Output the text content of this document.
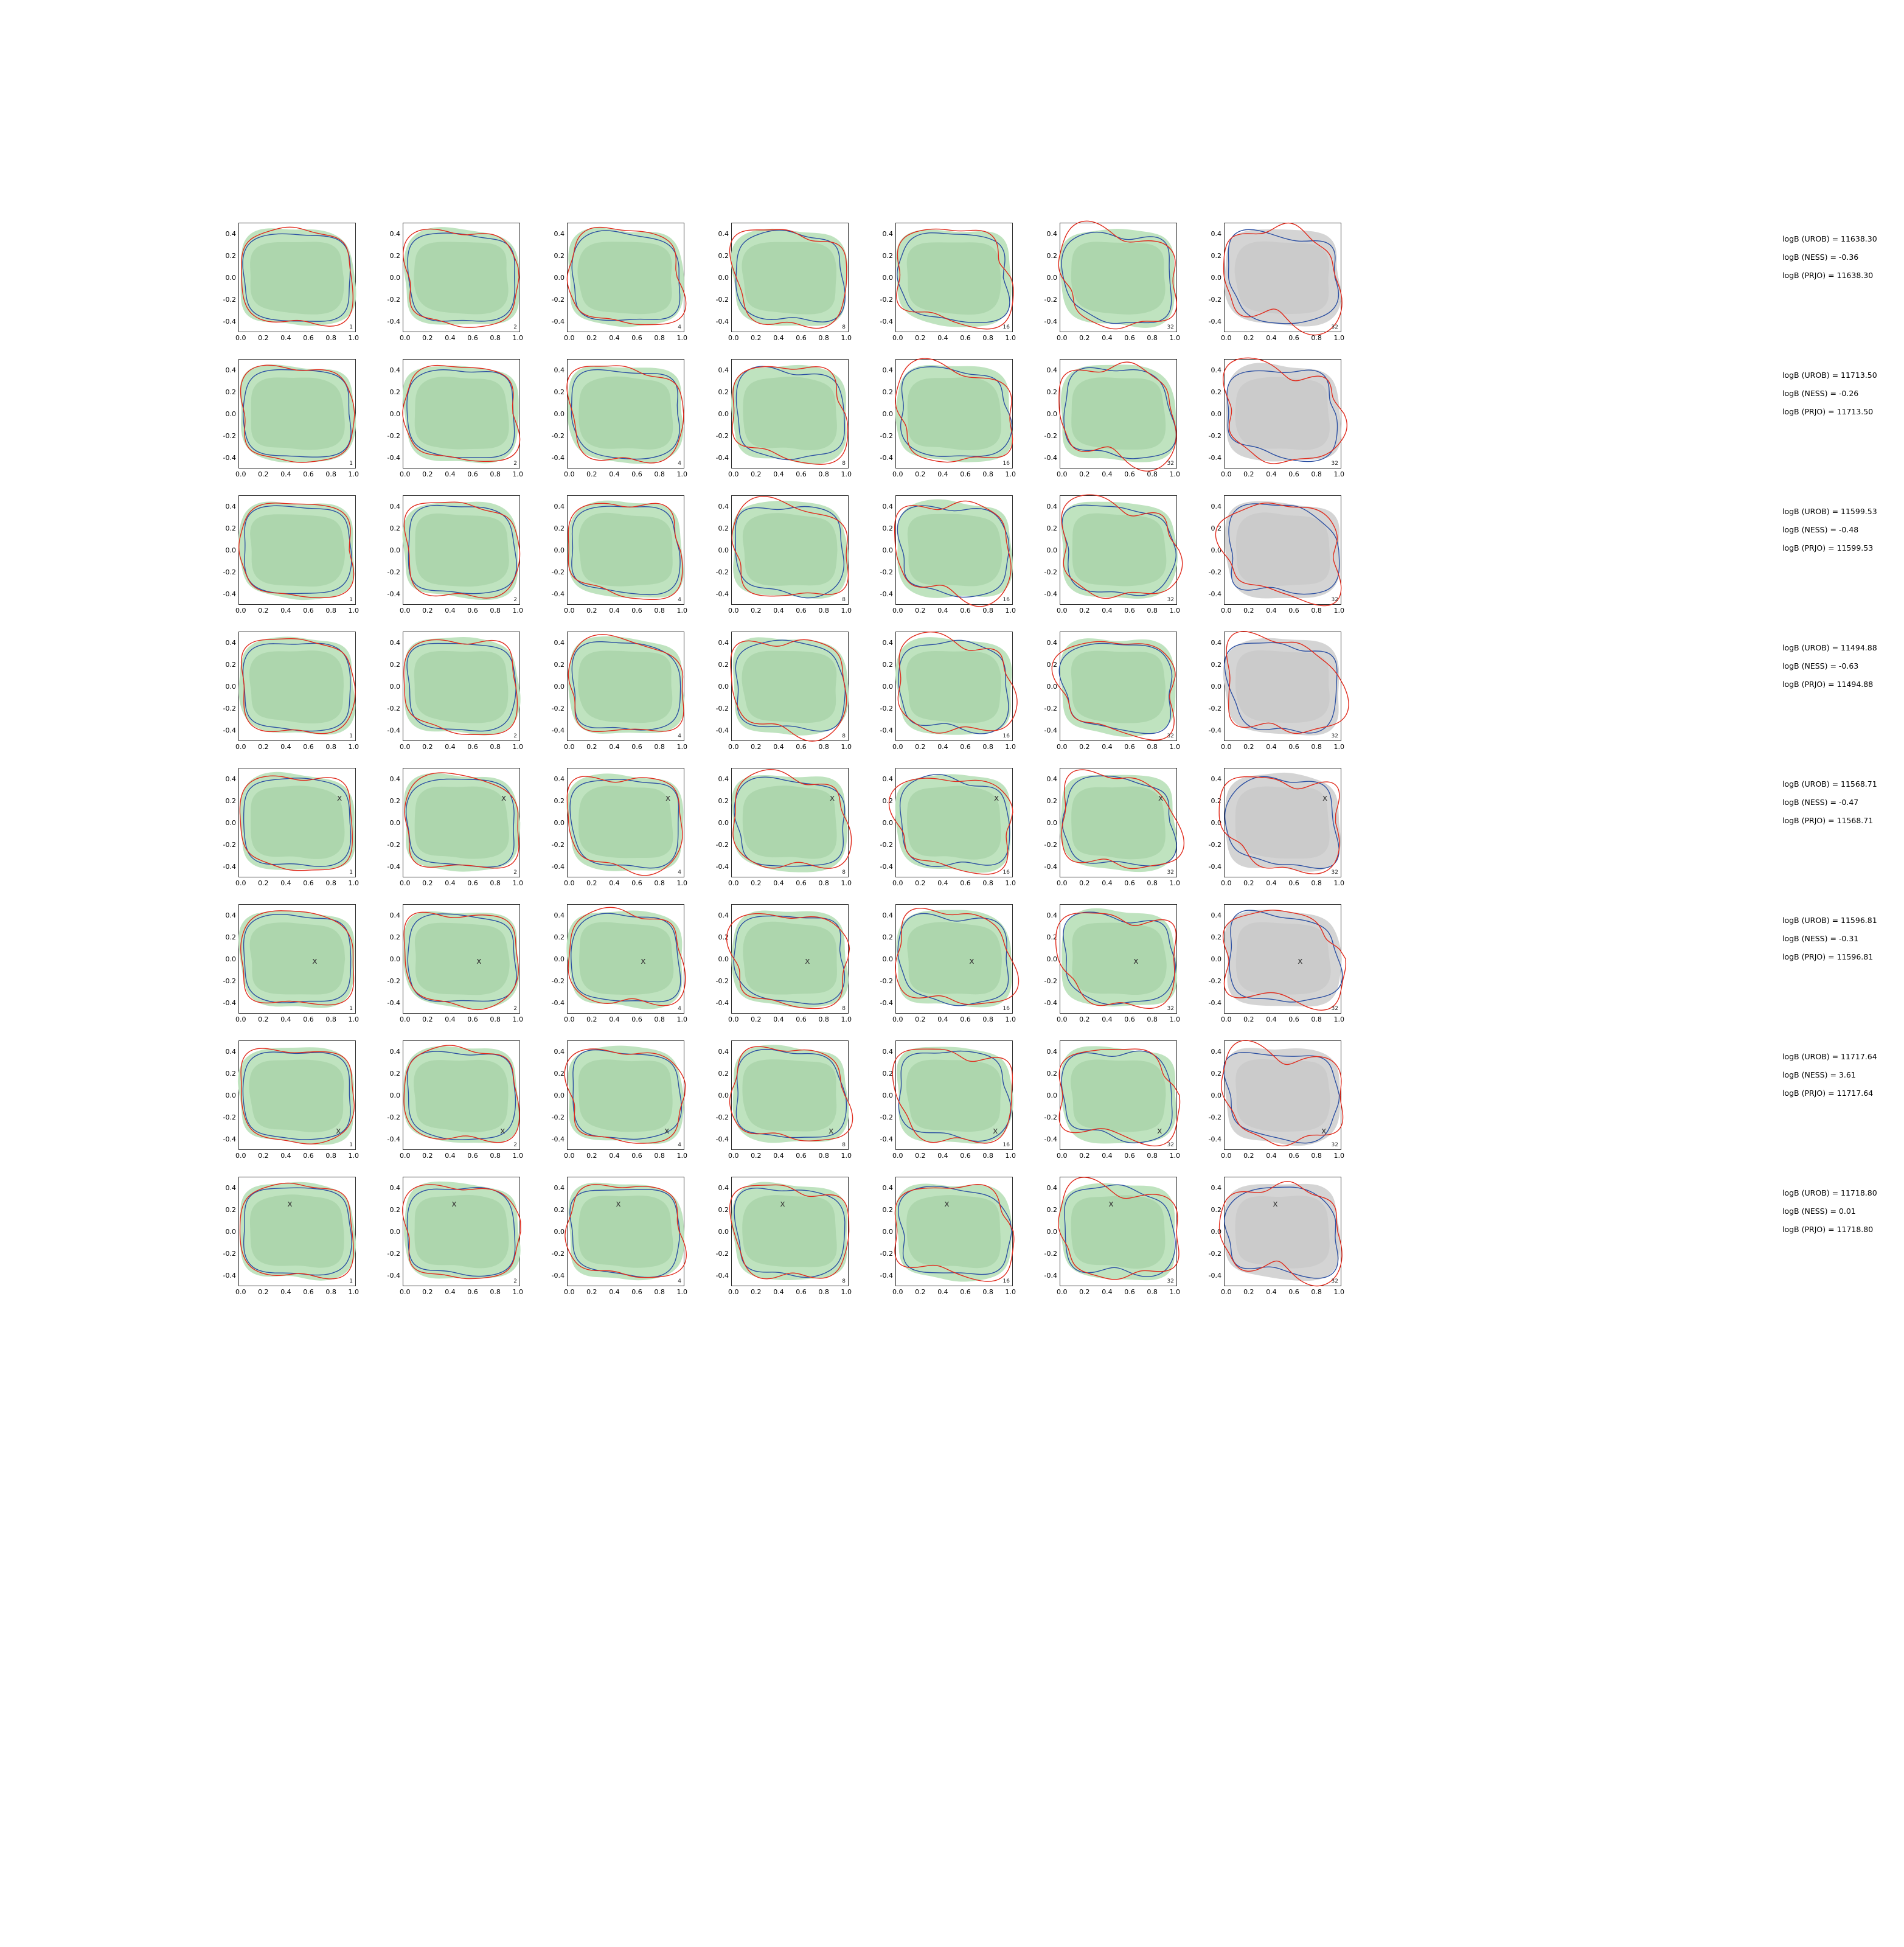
0.4
0.2
0.0
-0.2
-0.4
1
0.0 0.2 0.4 0.6 0.8 1.0
0.4
0.2
0.0
-0.2
-0.4
2
0.0 0.2 0.4 0.6 0.8 1.0
0.4
0.2
0.0
-0.2
-0.4
4
0.0 0.2 0.4 0.6 0.8 1.0
0.4
0.2
0.0
-0.2
-0.4
8
0.0 0.2 0.4 0.6 0.8 1.0
0.4
0.2
0.0
-0.2
-0.4
16
0.0 0.2 0.4 0.6 0.8 1.0
0.4
0.2
0.0
-0.2
-0.4
32
0.0 0.2 0.4 0.6 0.8 1.0
0.4
0.2
0.0
-0.2
-0.4
32
0.0 0.2 0.4 0.6 0.8 1.0
logB (UROB) = 11638.30
logB (NESS) = -0.36
logB (PRJO) = 11638.30
0.4
0.2
0.0
-0.2
-0.4
1
0.0 0.2 0.4 0.6 0.8 1.0
0.4
0.2
0.0
-0.2
-0.4
2
0.0 0.2 0.4 0.6 0.8 1.0
0.4
0.2
0.0
-0.2
-0.4
4
0.0 0.2 0.4 0.6 0.8 1.0
0.4
0.2
0.0
-0.2
-0.4
8
0.0 0.2 0.4 0.6 0.8 1.0
0.4
0.2
0.0
-0.2
-0.4
16
0.0 0.2 0.4 0.6 0.8 1.0
0.4
0.2
0.0
-0.2
-0.4
32
0.0 0.2 0.4 0.6 0.8 1.0
0.4
0.2
0.0
-0.2
-0.4
32
0.0 0.2 0.4 0.6 0.8 1.0
logB (UROB) = 11713.50
logB (NESS) = -0.26
logB (PRJO) = 11713.50
0.4
0.2
0.0
-0.2
-0.4
1
0.0 0.2 0.4 0.6 0.8 1.0
0.4
0.2
0.0
-0.2
-0.4
2
0.0 0.2 0.4 0.6 0.8 1.0
0.4
0.2
0.0
-0.2
-0.4
4
0.0 0.2 0.4 0.6 0.8 1.0
0.4
0.2
0.0
-0.2
-0.4
8
0.0 0.2 0.4 0.6 0.8 1.0
0.4
0.2
0.0
-0.2
-0.4
16
0.0 0.2 0.4 0.6 0.8 1.0
0.4
0.2
0.0
-0.2
-0.4
32
0.0 0.2 0.4 0.6 0.8 1.0
0.4
0.2
0.0
-0.2
-0.4
32
0.0 0.2 0.4 0.6 0.8 1.0
logB (UROB) = 11599.53
logB (NESS) = -0.48
logB (PRJO) = 11599.53
0.4
0.2
0.0
-0.2
-0.4
1
0.0 0.2 0.4 0.6 0.8 1.0
0.4
0.2
0.0
-0.2
-0.4
2
0.0 0.2 0.4 0.6 0.8 1.0
0.4
0.2
0.0
-0.2
-0.4
4
0.0 0.2 0.4 0.6 0.8 1.0
0.4
0.2
0.0
-0.2
-0.4
8
0.0 0.2 0.4 0.6 0.8 1.0
0.4
0.2
0.0
-0.2
-0.4
16
0.0 0.2 0.4 0.6 0.8 1.0
0.4
0.2
0.0
-0.2
-0.4
32
0.0 0.2 0.4 0.6 0.8 1.0
0.4
0.2
0.0
-0.2
-0.4
32
0.0 0.2 0.4 0.6 0.8 1.0
logB (UROB) = 11494.88
logB (NESS) = -0.63
logB (PRJO) = 11494.88
0.4
0.2
0.0
-0.2
-0.4
x
1
0.0 0.2 0.4 0.6 0.8 1.0
0.4
0.2
0.0
-0.2
-0.4
x
2
0.0 0.2 0.4 0.6 0.8 1.0
0.4
0.2
0.0
-0.2
-0.4
x
4
0.0 0.2 0.4 0.6 0.8 1.0
0.4
0.2
0.0
-0.2
-0.4
x
8
0.0 0.2 0.4 0.6 0.8 1.0
0.4
0.2
0.0
-0.2
-0.4
x
16
0.0 0.2 0.4 0.6 0.8 1.0
0.4
0.2
0.0
-0.2
-0.4
x
32
0.0 0.2 0.4 0.6 0.8 1.0
0.4
0.2
0.0
-0.2
-0.4
x
32
0.0 0.2 0.4 0.6 0.8 1.0
logB (UROB) = 11568.71
logB (NESS) = -0.47
logB (PRJO) = 11568.71
0.4
0.2
0.0
-0.2
-0.4
x
1
0.0 0.2 0.4 0.6 0.8 1.0
0.4
0.2
0.0
-0.2
-0.4
x
2
0.0 0.2 0.4 0.6 0.8 1.0
0.4
0.2
0.0
-0.2
-0.4
x
4
0.0 0.2 0.4 0.6 0.8 1.0
0.4
0.2
0.0
-0.2
-0.4
x
8
0.0 0.2 0.4 0.6 0.8 1.0
0.4
0.2
0.0
-0.2
-0.4
x
16
0.0 0.2 0.4 0.6 0.8 1.0
0.4
0.2
0.0
-0.2
-0.4
x
32
0.0 0.2 0.4 0.6 0.8 1.0
0.4
0.2
0.0
-0.2
-0.4
x
32
0.0 0.2 0.4 0.6 0.8 1.0
logB (UROB) = 11596.81
logB (NESS) = -0.31
logB (PRJO) = 11596.81
0.4
0.2
0.0
-0.2
-0.4
x
1
0.0 0.2 0.4 0.6 0.8 1.0
0.4
0.2
0.0
-0.2
-0.4
x
2
0.0 0.2 0.4 0.6 0.8 1.0
0.4
0.2
0.0
-0.2
-0.4
x
4
0.0 0.2 0.4 0.6 0.8 1.0
0.4
0.2
0.0
-0.2
-0.4
x
8
0.0 0.2 0.4 0.6 0.8 1.0
0.4
0.2
0.0
-0.2
-0.4
x
16
0.0 0.2 0.4 0.6 0.8 1.0
0.4
0.2
0.0
-0.2
-0.4
x
32
0.0 0.2 0.4 0.6 0.8 1.0
0.4
0.2
0.0
-0.2
-0.4
x
32
0.0 0.2 0.4 0.6 0.8 1.0
logB (UROB) = 11717.64
logB (NESS) = 3.61
logB (PRJO) = 11717.64
0.4
0.2
0.0
-0.2
-0.4
x
1
0.0 0.2 0.4 0.6 0.8 1.0
0.4
0.2
0.0
-0.2
-0.4
x
2
0.0 0.2 0.4 0.6 0.8 1.0
0.4
0.2
0.0
-0.2
-0.4
x
4
0.0 0.2 0.4 0.6 0.8 1.0
0.4
0.2
0.0
-0.2
-0.4
x
8
0.0 0.2 0.4 0.6 0.8 1.0
0.4
0.2
0.0
-0.2
-0.4
x
16
0.0 0.2 0.4 0.6 0.8 1.0
0.4
0.2
0.0
-0.2
-0.4
x
32
0.0 0.2 0.4 0.6 0.8 1.0
0.4
0.2
0.0
-0.2
-0.4
x
32
0.0 0.2 0.4 0.6 0.8 1.0
logB (UROB) = 11718.80
logB (NESS) = 0.01
logB (PRJO) = 11718.80
